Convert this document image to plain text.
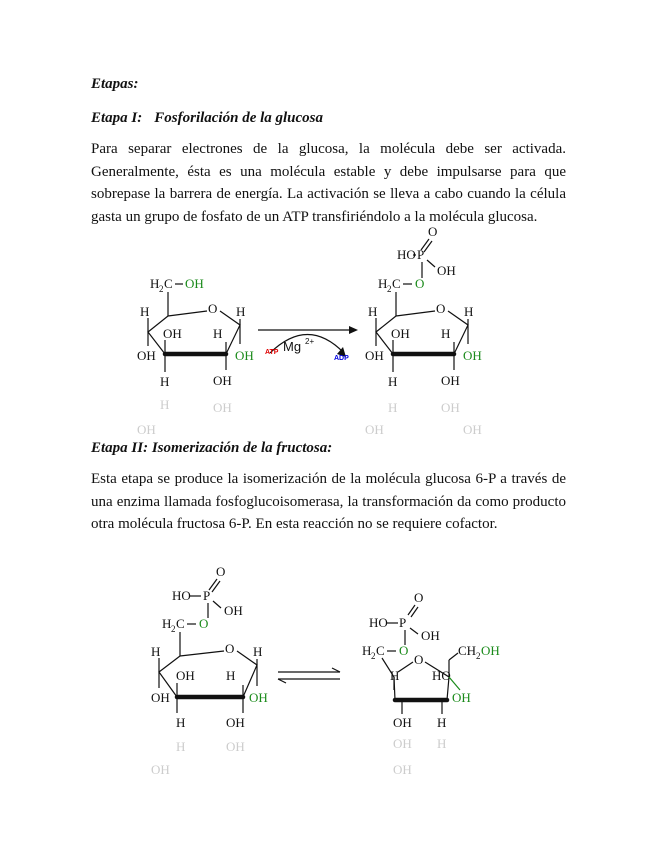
Etapas:

Etapa I: Fosforilación de la glucosa

Para separar electrones de la glucosa, la molécula debe ser activada. Generalmente, ésta es una molécula estable y debe impulsarse para que sobrepase la barrera de energía. La activación se lleva a cabo cuando la célula gasta un grupo de fosfato de un ATP transfiriéndolo a la molécula glucosa.

H 2 C OH
O
H	H
OH H
OH	OH
H	OH
Mg 2+
ATP
ADP
O
HO P
OH
H 2 C O
O
H	H
OH H
OH	OH
H	OH
H	OH	H	OH
OH	OH	OH

Etapa II: Isomerización de la fructosa:

Esta etapa se produce la isomerización de la molécula glucosa 6-P a través de una enzima llamada fosfoglucoisomerasa, la transformación da como producto otra molécula fructosa 6-P. En esta reacción no se requiere cofactor.

O
HO P
OH
H 2 C O
O
H	H
OH H
OH	OH
H	OH
O
HO P
OH
H 2 C O
O
CH 2 OH
H	HO
OH
OH H
H	OH	OH H
OH	OH
